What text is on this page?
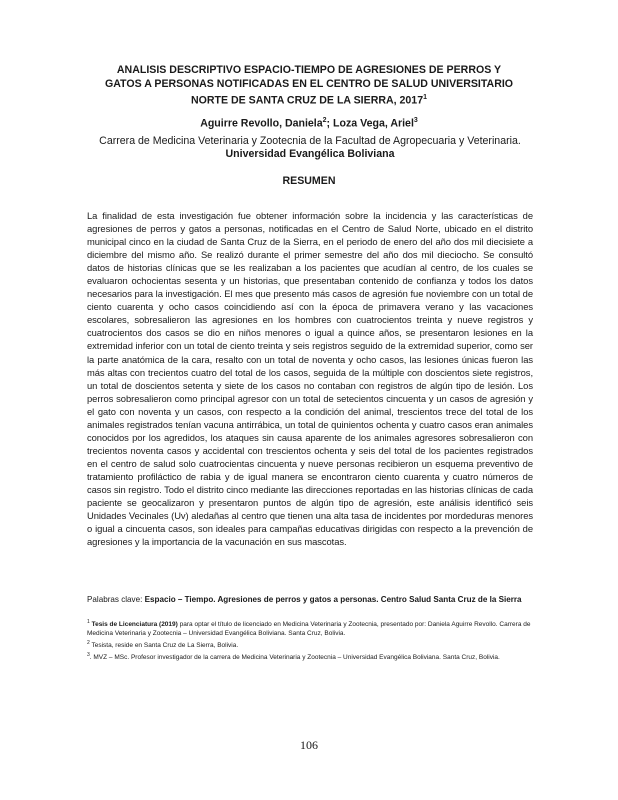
ANALISIS DESCRIPTIVO ESPACIO-TIEMPO DE AGRESIONES DE PERROS Y
GATOS A PERSONAS NOTIFICADAS EN EL CENTRO DE SALUD UNIVERSITARIO
NORTE DE SANTA CRUZ DE LA SIERRA, 2017$^1$
Aguirre Revollo, Daniela$^2$; Loza Vega, Ariel$^3$
Carrera de Medicina Veterinaria y Zootecnia de la Facultad de Agropecuaria y Veterinaria.
Universidad Evangélica Boliviana
RESUMEN
La finalidad de esta investigación fue obtener información sobre la incidencia y las características de agresiones de perros y gatos a personas, notificadas en el Centro de Salud Norte, ubicado en el distrito municipal cinco en la ciudad de Santa Cruz de la Sierra, en el periodo de enero del año dos mil diecisiete a diciembre del mismo año. Se realizó durante el primer semestre del año dos mil dieciocho. Se consultó datos de historias clínicas que se les realizaban a los pacientes que acudían al centro, de los cuales se evaluaron ochocientas sesenta y un historias, que presentaban contenido de confianza y todos los datos necesarios para la investigación. El mes que presento más casos de agresión fue noviembre con un total de ciento cuarenta y ocho casos coincidiendo así con la época de primavera verano y las vacaciones escolares, sobresalieron las agresiones en los hombres con cuatrocientos treinta y nueve registros y cuatrocientos dos casos se dio en niños menores o igual a quince años, se presentaron lesiones en la extremidad inferior con un total de ciento treinta y seis registros seguido de la extremidad superior, como ser la parte anatómica de la cara, resalto con un total de noventa y ocho casos, las lesiones únicas fueron las más altas con trecientos cuatro del total de los casos, seguida de la múltiple con doscientos siete registros, un total de doscientos setenta y siete de los casos no contaban con registros de algún tipo de lesión. Los perros sobresalieron como principal agresor con un total de setecientos cincuenta y un casos de agresión y el gato con noventa y un casos, con respecto a la condición del animal, trescientos trece del total de los animales registrados tenían vacuna antirrábica, un total de quinientos ochenta y cuatro casos eran animales conocidos por los agredidos, los ataques sin causa aparente de los animales agresores sobresalieron con trecientos noventa casos y accidental con trescientos ochenta y seis del total de los pacientes registrados en el centro de salud solo cuatrocientas cincuenta y nueve personas recibieron un esquema preventivo de tratamiento profiláctico de rabia y de igual manera se encontraron ciento cuarenta y cuatro números de casos sin registro. Todo el distrito cinco mediante las direcciones reportadas en las historias clínicas de cada paciente se geocalizaron y presentaron puntos de algún tipo de agresión, este análisis identificó seis Unidades Vecinales (Uv) aledañas al centro que tienen una alta tasa de incidentes por mordeduras menores o igual a cincuenta casos, son ideales para campañas educativas dirigidas con respecto a la prevención de agresiones y la importancia de la vacunación en sus mascotas.
Palabras clave: Espacio – Tiempo. Agresiones de perros y gatos a personas. Centro Salud Santa Cruz de la Sierra

$^1$ Tesis de Licenciatura (2019) para optar el título de licenciado en Medicina Veterinaria y Zootecnia, presentado por: Daniela Aguirre Revollo. Carrera de Medicina Veterinaria y Zootecnia – Universidad Evangélica Boliviana. Santa Cruz, Bolivia.

$^2$ Tesista, reside en Santa Cruz de La Sierra, Bolivia.

$^3$. MVZ – MSc. Profesor investigador de la carrera de Medicina Veterinaria y Zootecnia – Universidad Evangélica Boliviana. Santa Cruz, Bolivia.

106
